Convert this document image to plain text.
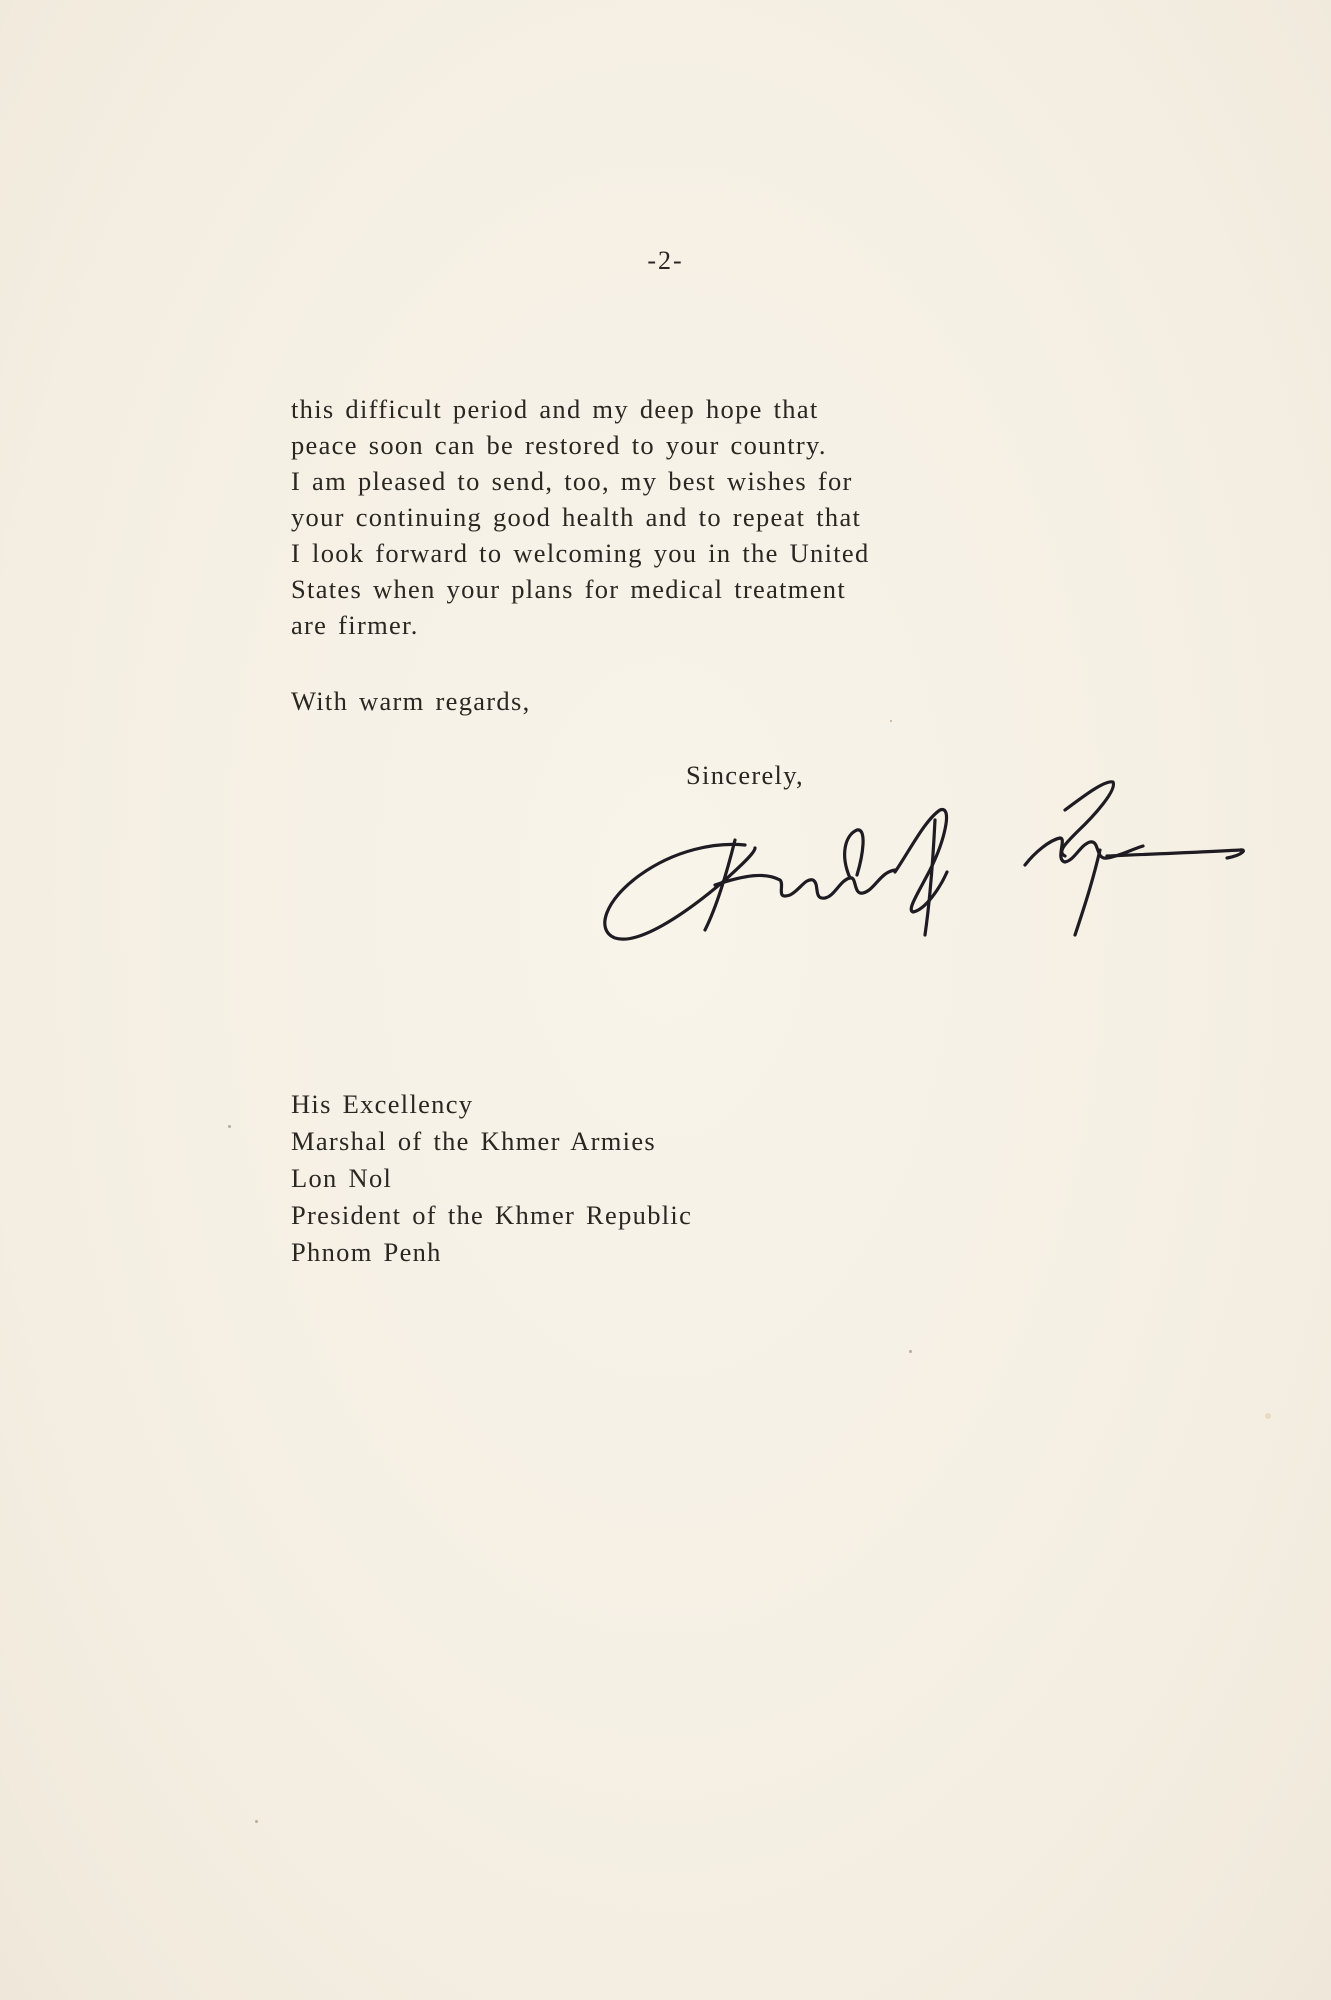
-2-
this difficult period and my deep hope that
peace soon can be restored to your country.
I am pleased to send, too, my best wishes for
your continuing good health and to repeat that
I look forward to welcoming you in the United
States when your plans for medical treatment
are firmer.
With warm regards,
Sincerely,
His Excellency
Marshal of the Khmer Armies
Lon Nol
President of the Khmer Republic
Phnom Penh
